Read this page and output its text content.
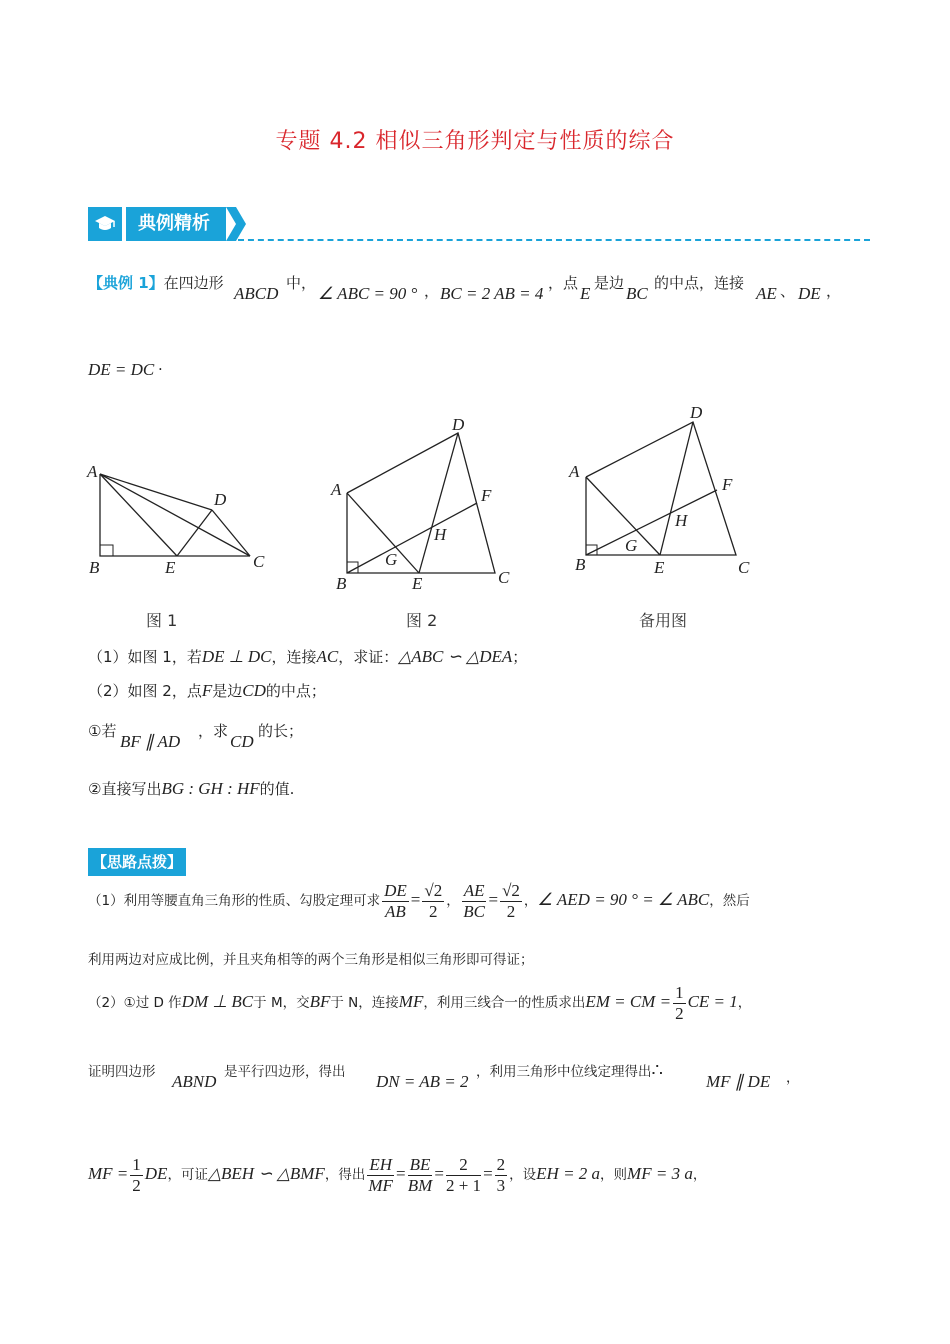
专题 4.2 相似三角形判定与性质的综合
典例精析
【典例 1】在四边形
ABCD
中，
∠ ABC = 90 ° ， BC = 2 AB = 4
，点
E
是边
BC
的中点，连接
AE 、 DE ，
DE = DC .
A
B	E	C
D
A
B	E	C
D
F
G
H
A
B	E	C
D
F
G
H
图 1	图 2	备用图
（1）如图 1，若DE ⊥ DC，连接AC，求证：△ABC ∽ △DEA；
（2）如图 2，点F是边CD的中点；
①若
BF ∥ AD
，求
CD
的长；
②直接写出BG : GH : HF的值.
【思路点拨】
（1）利用等腰直角三角形的性质、勾股定理可求 $\frac{DE}{AB} = \frac{√2}{2}$ ， $\frac{AE}{BC} = \frac{√2}{2}$ ，∠ AED = 90 ° = ∠ ABC，然后
利用两边对应成比例，并且夹角相等的两个三角形是相似三角形即可得证；
（2）①过 D 作DM ⊥ BC于 M，交BF于 N，连接MF，利用三线合一的性质求出EM = CM = $\frac{1}{2}$ CE = 1，
证明四边形 ABND 是平行四边形，得出 DN = AB = 2 ，利用三角形中位线定理得出∴
MF ∥ DE ，
MF = $\frac{1}{2}$ DE，可证△BEH ∽ △BMF，得出 $\frac{EH}{MF} = \frac{BE}{BM} = \frac{2}{2 + 1} = \frac{2}{3}$ ，设EH = 2 a，则MF = 3 a，
